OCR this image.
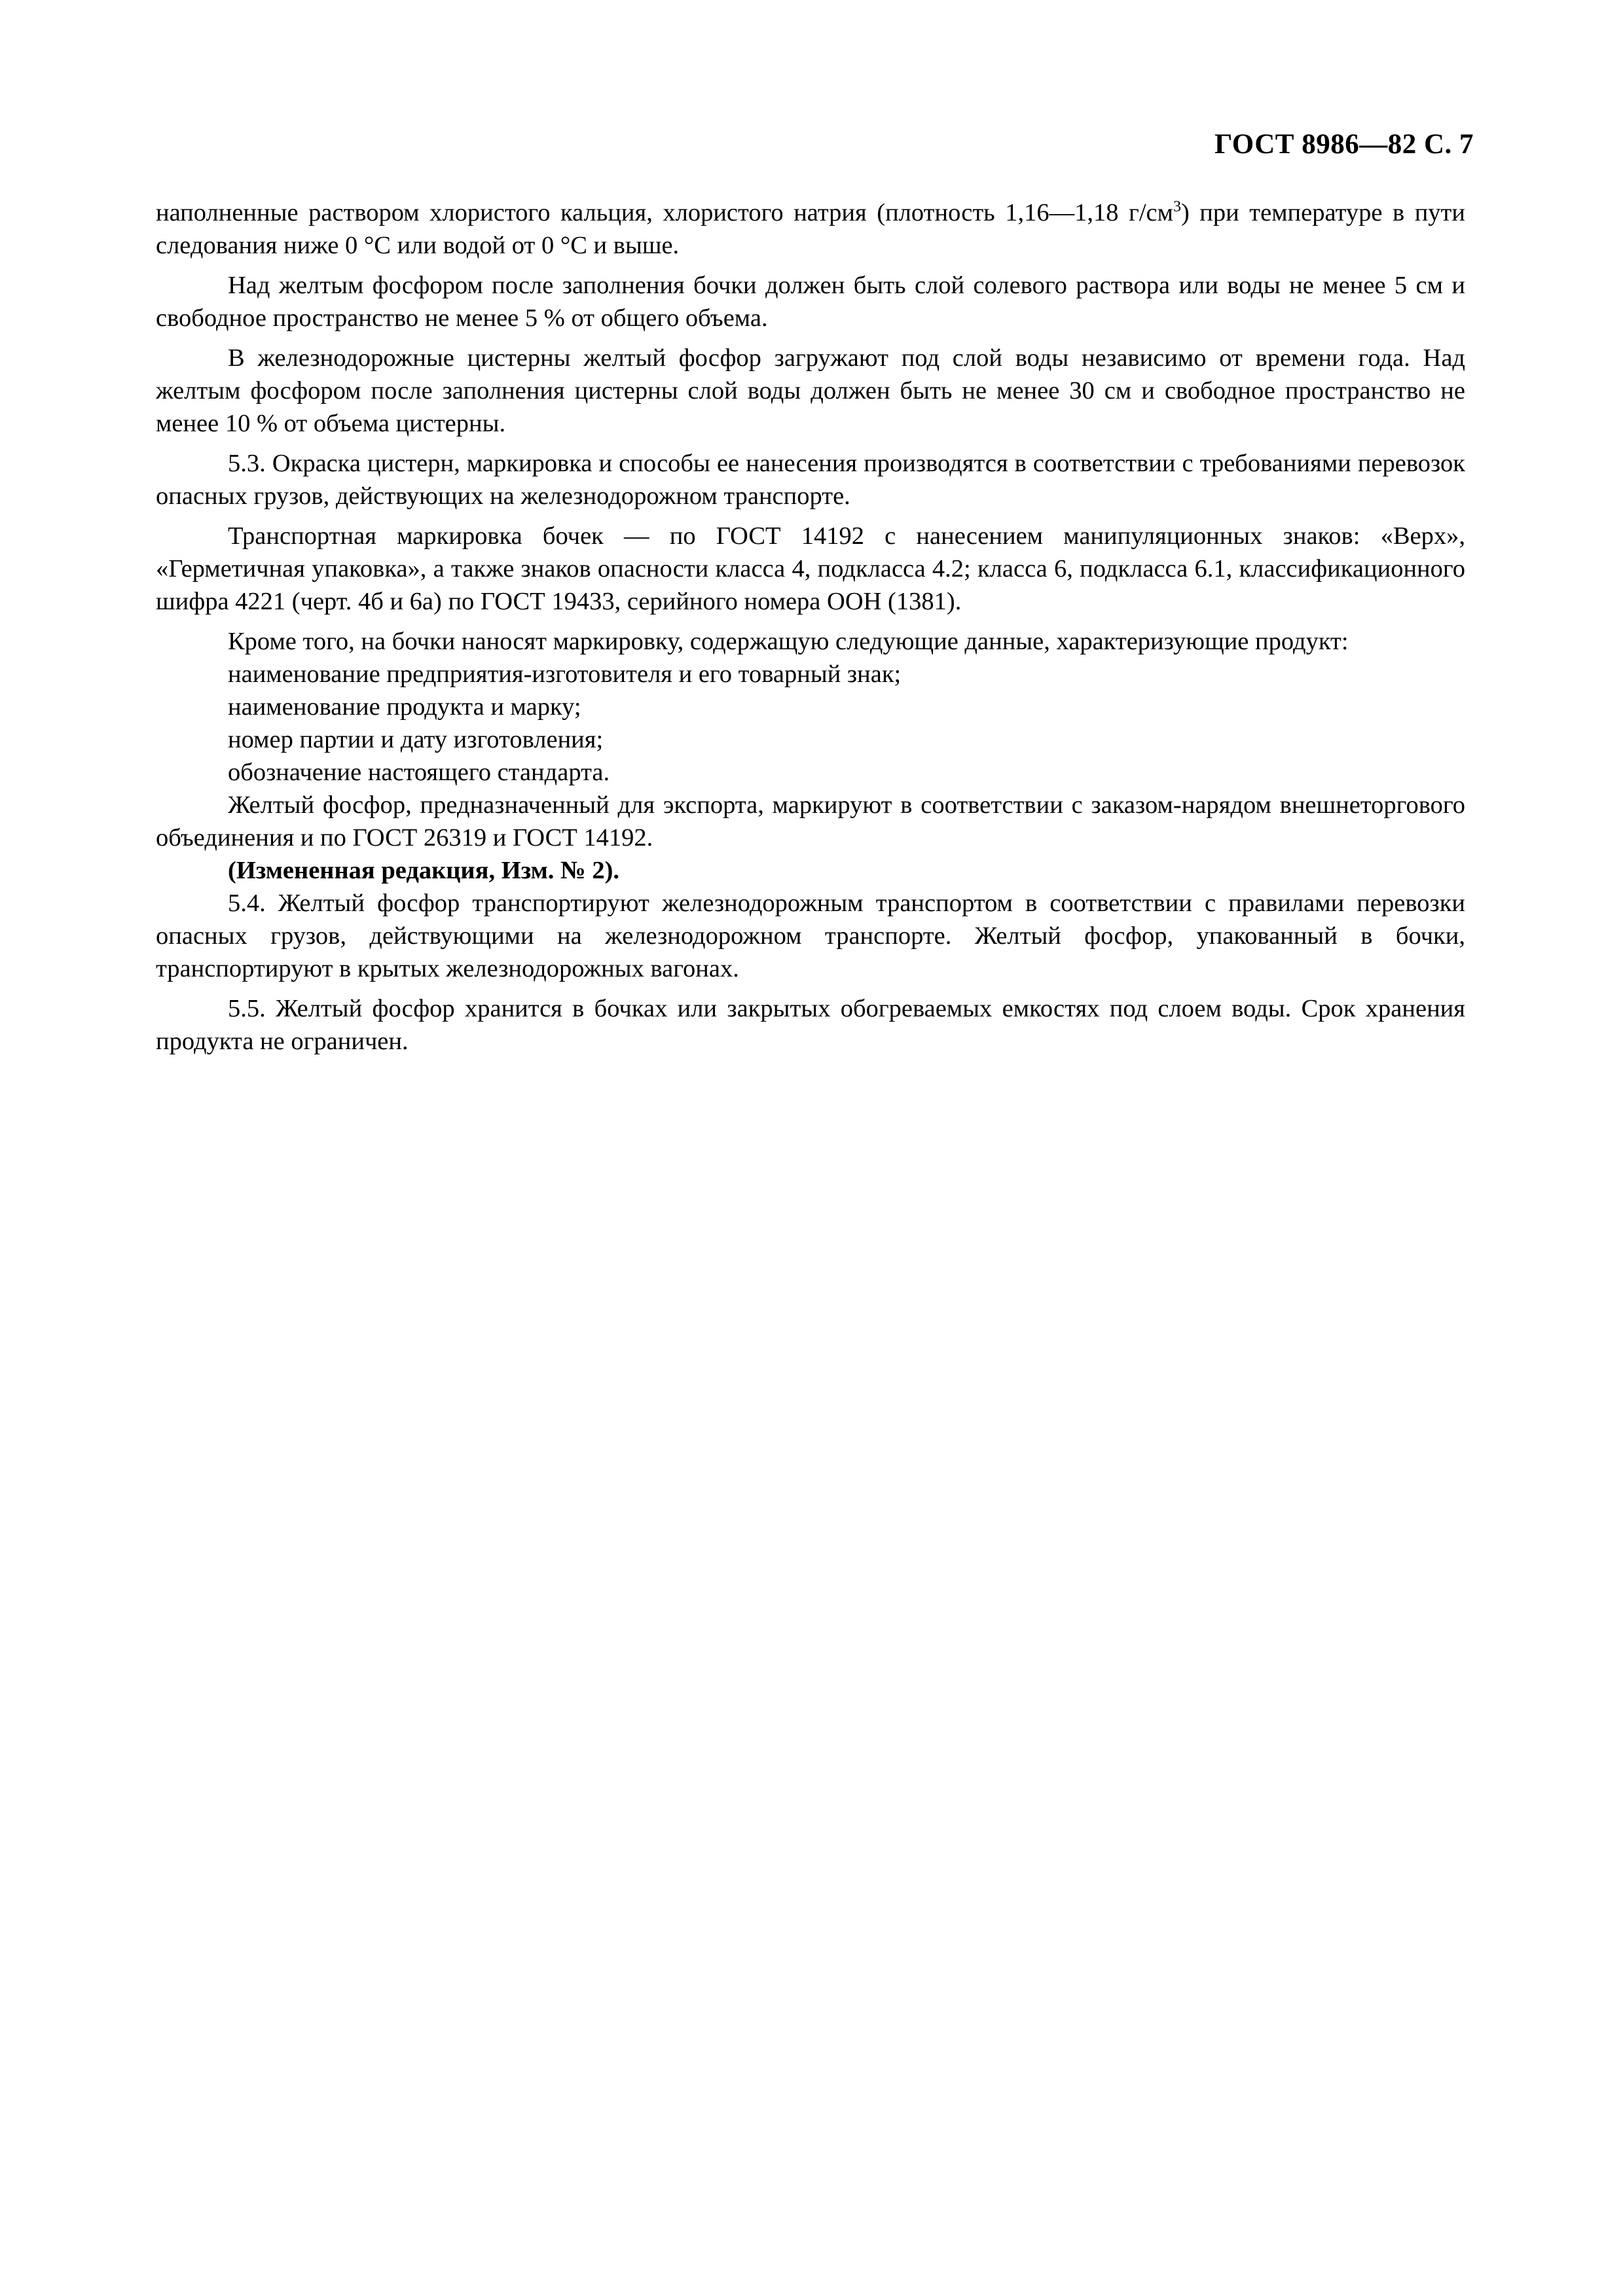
ГОСТ 8986—82 С. 7

наполненные раствором хлористого кальция, хлористого натрия (плотность 1,16—1,18 $г/см^3$) при температуре в пути следования ниже 0 °C или водой от 0 °C и выше.

Над желтым фосфором после заполнения бочки должен быть слой солевого раствора или воды не менее 5 см и свободное пространство не менее 5 % от общего объема.

В железнодорожные цистерны желтый фосфор загружают под слой воды независимо от времени года. Над желтым фосфором после заполнения цистерны слой воды должен быть не менее 30 см и свободное пространство не менее 10 % от объема цистерны.

5.3. Окраска цистерн, маркировка и способы ее нанесения производятся в соответствии с требованиями перевозок опасных грузов, действующих на железнодорожном транспорте.

Транспортная маркировка бочек — по ГОСТ 14192 с нанесением манипуляционных знаков: «Верх», «Герметичная упаковка», а также знаков опасности класса 4, подкласса 4.2; класса 6, подкласса 6.1, классификационного шифра 4221 (черт. 4б и 6а) по ГОСТ 19433, серийного номера ООН (1381).

Кроме того, на бочки наносят маркировку, содержащую следующие данные, характеризующие продукт:

наименование предприятия-изготовителя и его товарный знак;

наименование продукта и марку;

номер партии и дату изготовления;

обозначение настоящего стандарта.

Желтый фосфор, предназначенный для экспорта, маркируют в соответствии с заказом-нарядом внешнеторгового объединения и по ГОСТ 26319 и ГОСТ 14192.

(Измененная редакция, Изм. № 2).

5.4. Желтый фосфор транспортируют железнодорожным транспортом в соответствии с правилами перевозки опасных грузов, действующими на железнодорожном транспорте. Желтый фосфор, упакованный в бочки, транспортируют в крытых железнодорожных вагонах.

5.5. Желтый фосфор хранится в бочках или закрытых обогреваемых емкостях под слоем воды. Срок хранения продукта не ограничен.
